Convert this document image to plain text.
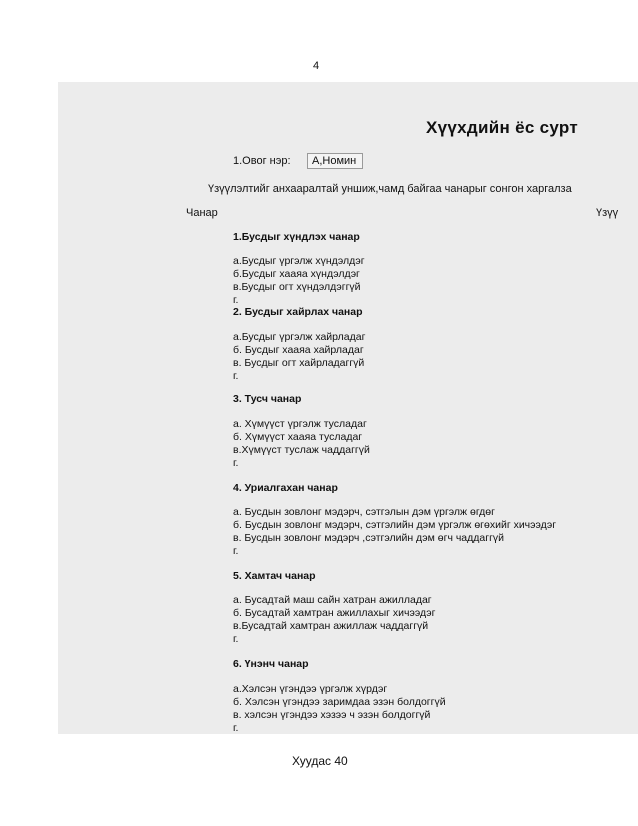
4
Хүүхдийн ёс сурт
1.Овог нэр:	А,Номин
Үзүүлэлтийг анхааралтай уншиж,чамд байгаа чанарыг сонгон харгалза
Чанар	Үзүү
1.Бусдыг хүндлэх чанар
а.Бусдыг үргэлж хүндэлдэг
б.Бусдыг хааяа хүндэлдэг
в.Бусдыг огт хүндэлдэггүй
г.
2. Бусдыг хайрлах чанар
а.Бусдыг үргэлж хайрладаг
б. Бусдыг хааяа хайрладаг
в. Бусдыг огт хайрладаггүй
г.
3. Тусч чанар
а. Хүмүүст үргэлж тусладаг
б. Хүмүүст хааяа тусладаг
в.Хүмүүст туслаж чаддаггүй
г.
4. Уриалгахан чанар
а. Бусдын зовлонг мэдэрч, сэтгэлын дэм үргэлж өгдөг
б. Бусдын зовлонг мэдэрч, сэтгэлийн дэм үргэлж өгөхийг хичээдэг
в. Бусдын зовлонг мэдэрч ,сэтгэлийн дэм өгч чаддаггүй
г.
5. Хамтач чанар
а. Бусадтай маш сайн хатран ажилладаг
б. Бусадтай хамтран ажиллахыг хичээдэг
в.Бусадтай хамтран ажиллаж чаддаггүй
г.
6. Үнэнч чанар
а.Хэлсэн үгэндээ үргэлж хүрдэг
б. Хэлсэн үгэндээ заримдаа эзэн болдоггүй
в. хэлсэн үгэндээ хэзээ ч эзэн болдоггүй
г.
Хуудас 40
